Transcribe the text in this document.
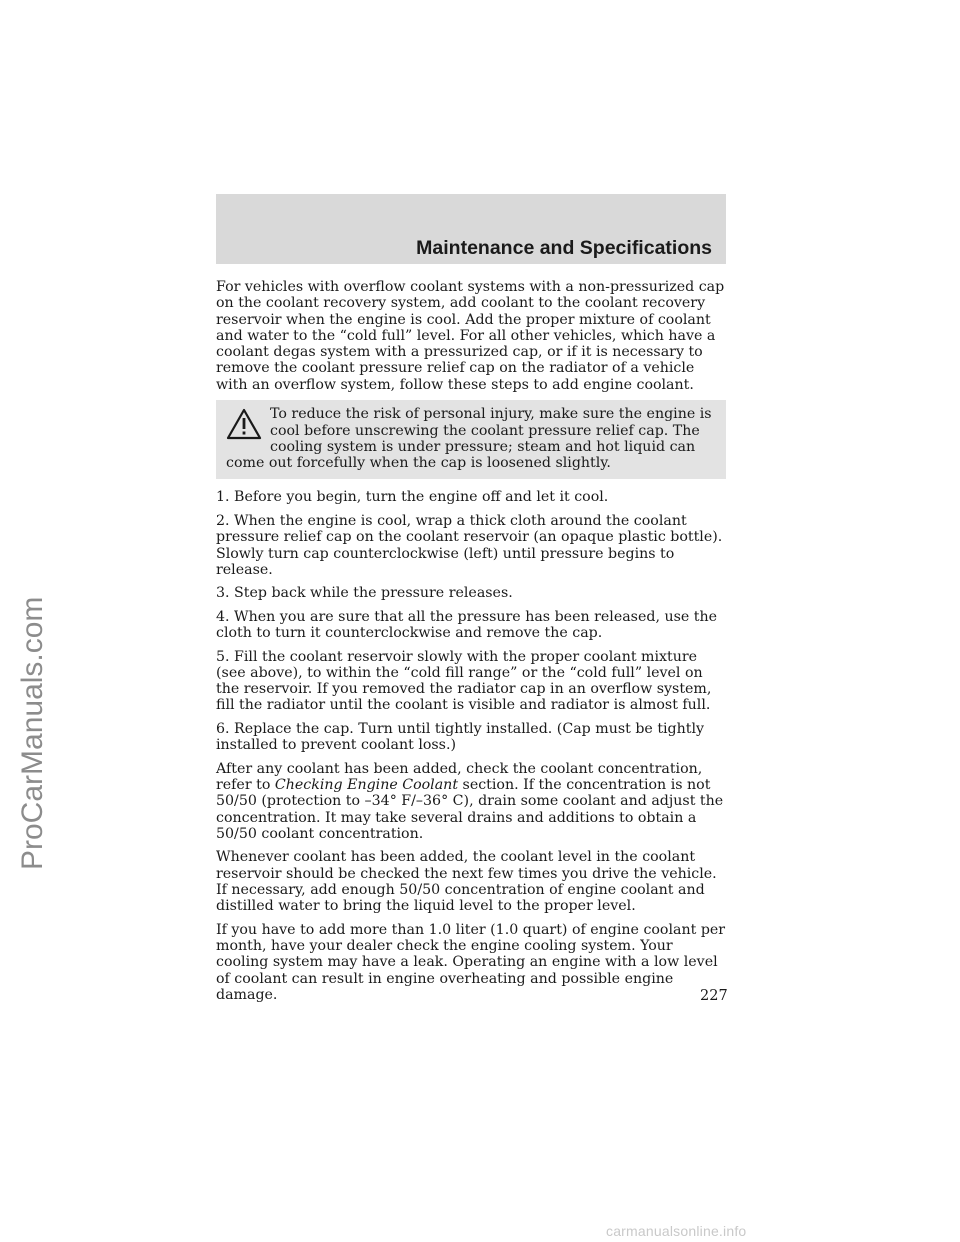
ProCarManuals.com
Maintenance and Specifications

For vehicles with overflow coolant systems with a non-pressurized cap on the coolant recovery system, add coolant to the coolant recovery reservoir when the engine is cool. Add the proper mixture of coolant and water to the “cold full” level. For all other vehicles, which have a coolant degas system with a pressurized cap, or if it is necessary to remove the coolant pressure relief cap on the radiator of a vehicle with an overflow system, follow these steps to add engine coolant.

To reduce the risk of personal injury, make sure the engine is cool before unscrewing the coolant pressure relief cap. The cooling system is under pressure; steam and hot liquid can come out forcefully when the cap is loosened slightly.

1. Before you begin, turn the engine off and let it cool.

2. When the engine is cool, wrap a thick cloth around the coolant pressure relief cap on the coolant reservoir (an opaque plastic bottle). Slowly turn cap counterclockwise (left) until pressure begins to release.

3. Step back while the pressure releases.

4. When you are sure that all the pressure has been released, use the cloth to turn it counterclockwise and remove the cap.

5. Fill the coolant reservoir slowly with the proper coolant mixture (see above), to within the “cold fill range” or the “cold full” level on the reservoir. If you removed the radiator cap in an overflow system, fill the radiator until the coolant is visible and radiator is almost full.

6. Replace the cap. Turn until tightly installed. (Cap must be tightly installed to prevent coolant loss.)

After any coolant has been added, check the coolant concentration, refer to Checking Engine Coolant section. If the concentration is not 50/50 (protection to –34° F/–36° C), drain some coolant and adjust the concentration. It may take several drains and additions to obtain a 50/50 coolant concentration.

Whenever coolant has been added, the coolant level in the coolant reservoir should be checked the next few times you drive the vehicle. If necessary, add enough 50/50 concentration of engine coolant and distilled water to bring the liquid level to the proper level.

If you have to add more than 1.0 liter (1.0 quart) of engine coolant per month, have your dealer check the engine cooling system. Your cooling system may have a leak. Operating an engine with a low level of coolant can result in engine overheating and possible engine damage.	227
carmanualsonline.info
